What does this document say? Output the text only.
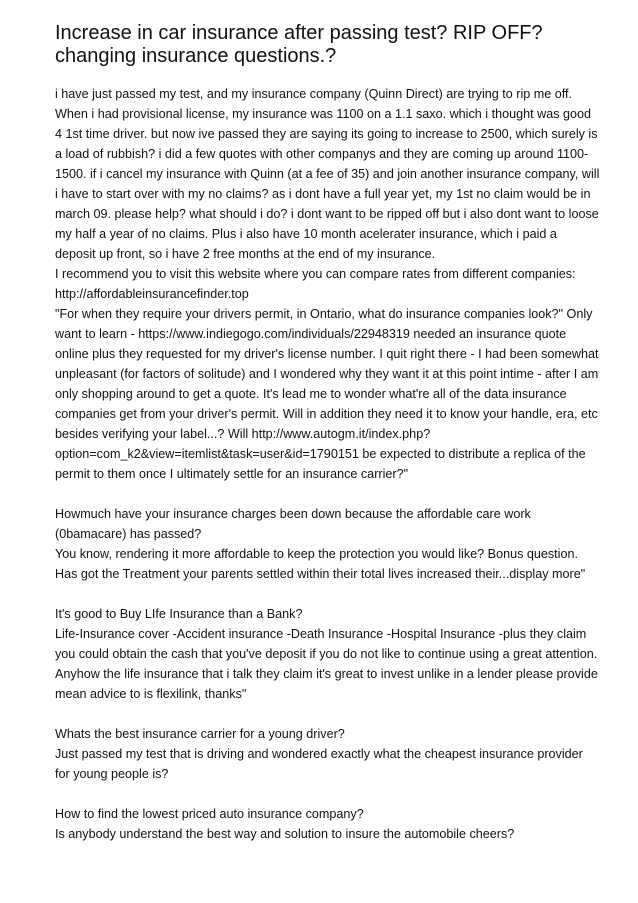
Increase in car insurance after passing test? RIP OFF? changing insurance questions.?

i have just passed my test, and my insurance company (Quinn Direct) are trying to rip me off. When i had provisional license, my insurance was 1100 on a 1.1 saxo. which i thought was good 4 1st time driver. but now ive passed they are saying its going to increase to 2500, which surely is a load of rubbish? i did a few quotes with other companys and they are coming up around 1100-1500. if i cancel my insurance with Quinn (at a fee of 35) and join another insurance company, will i have to start over with my no claims? as i dont have a full year yet, my 1st no claim would be in march 09. please help? what should i do? i dont want to be ripped off but i also dont want to loose my half a year of no claims. Plus i also have 10 month acelerater insurance, which i paid a deposit up front, so i have 2 free months at the end of my insurance.

I recommend you to visit this website where you can compare rates from different companies: http://affordableinsurancefinder.top

"For when they require your drivers permit, in Ontario, what do insurance companies look?" Only want to learn - https://www.indiegogo.com/individuals/22948319 needed an insurance quote online plus they requested for my driver's license number. I quit right there - I had been somewhat unpleasant (for factors of solitude) and I wondered why they want it at this point intime - after I am only shopping around to get a quote. It's lead me to wonder what're all of the data insurance companies get from your driver's permit. Will in addition they need it to know your handle, era, etc besides verifying your label...? Will http://www.autogm.it/index.php?option=com_k2&view=itemlist&task=user&id=1790151 be expected to distribute a replica of the permit to them once I ultimately settle for an insurance carrier?"

Howmuch have your insurance charges been down because the affordable care work (0bamacare) has passed?

You know, rendering it more affordable to keep the protection you would like? Bonus question. Has got the Treatment your parents settled within their total lives increased their...display more"

It's good to Buy LIfe Insurance than a Bank?

Life-Insurance cover -Accident insurance -Death Insurance -Hospital Insurance -plus they claim you could obtain the cash that you've deposit if you do not like to continue using a great attention. Anyhow the life insurance that i talk they claim it's great to invest unlike in a lender please provide mean advice to is flexilink, thanks"

Whats the best insurance carrier for a young driver?

Just passed my test that is driving and wondered exactly what the cheapest insurance provider for young people is?

How to find the lowest priced auto insurance company?

Is anybody understand the best way and solution to insure the automobile cheers?
